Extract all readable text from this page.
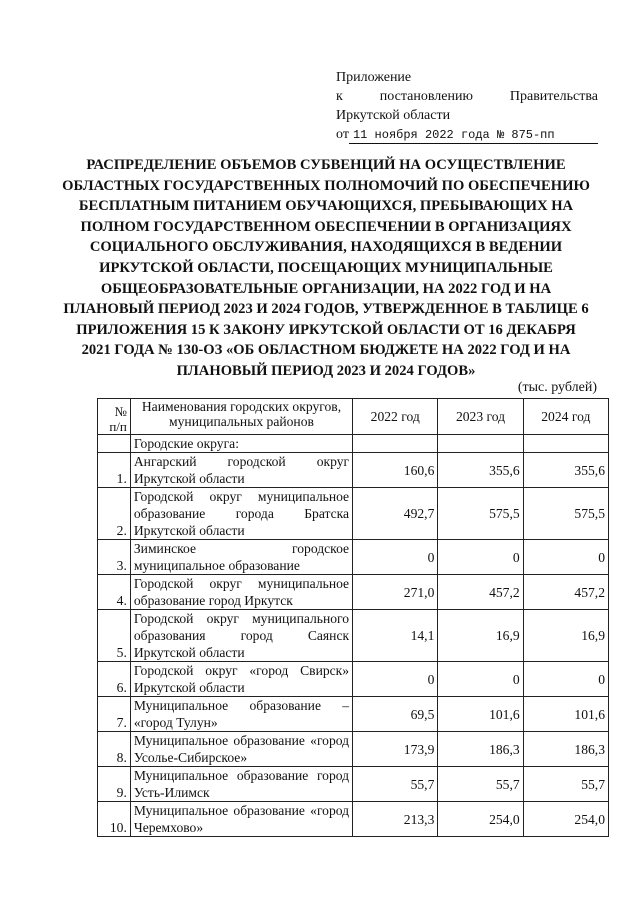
Приложение
к	постановлению	Правительства
Иркутской области
от 11 ноября 2022 года № 875-пп
РАСПРЕДЕЛЕНИЕ ОБЪЕМОВ СУБВЕНЦИЙ НА ОСУЩЕСТВЛЕНИЕ ОБЛАСТНЫХ ГОСУДАРСТВЕННЫХ ПОЛНОМОЧИЙ ПО ОБЕСПЕЧЕНИЮ БЕСПЛАТНЫМ ПИТАНИЕМ ОБУЧАЮЩИХСЯ, ПРЕБЫВАЮЩИХ НА ПОЛНОМ ГОСУДАРСТВЕННОМ ОБЕСПЕЧЕНИИ В ОРГАНИЗАЦИЯХ СОЦИАЛЬНОГО ОБСЛУЖИВАНИЯ, НАХОДЯЩИХСЯ В ВЕДЕНИИ ИРКУТСКОЙ ОБЛАСТИ, ПОСЕЩАЮЩИХ МУНИЦИПАЛЬНЫЕ ОБЩЕОБРАЗОВАТЕЛЬНЫЕ ОРГАНИЗАЦИИ, НА 2022 ГОД И НА ПЛАНОВЫЙ ПЕРИОД 2023 И 2024 ГОДОВ, УТВЕРЖДЕННОЕ В ТАБЛИЦЕ 6 ПРИЛОЖЕНИЯ 15 К ЗАКОНУ ИРКУТСКОЙ ОБЛАСТИ ОТ 16 ДЕКАБРЯ 2021 ГОДА № 130-ОЗ «ОБ ОБЛАСТНОМ БЮДЖЕТЕ НА 2022 ГОД И НА ПЛАНОВЫЙ ПЕРИОД 2023 И 2024 ГОДОВ»
(тыс. рублей)
№ п/п	Наименования городских округов, муниципальных районов	2022 год	2023 год	2024 год
	Городские округа:			
1.	Ангарский городской округ Иркутской области	160,6	355,6	355,6
2.	Городской округ муниципальное образование города Братска Иркутской области	492,7	575,5	575,5
3.	Зиминское городское муниципальное образование	0	0	0
4.	Городской округ муниципальное образование город Иркутск	271,0	457,2	457,2
5.	Городской округ муниципального образования город Саянск Иркутской области	14,1	16,9	16,9
6.	Городской округ «город Свирск» Иркутской области	0	0	0
7.	Муниципальное образование – «город Тулун»	69,5	101,6	101,6
8.	Муниципальное образование «город Усолье-Сибирское»	173,9	186,3	186,3
9.	Муниципальное образование город Усть-Илимск	55,7	55,7	55,7
10.	Муниципальное образование «город Черемхово»	213,3	254,0	254,0
